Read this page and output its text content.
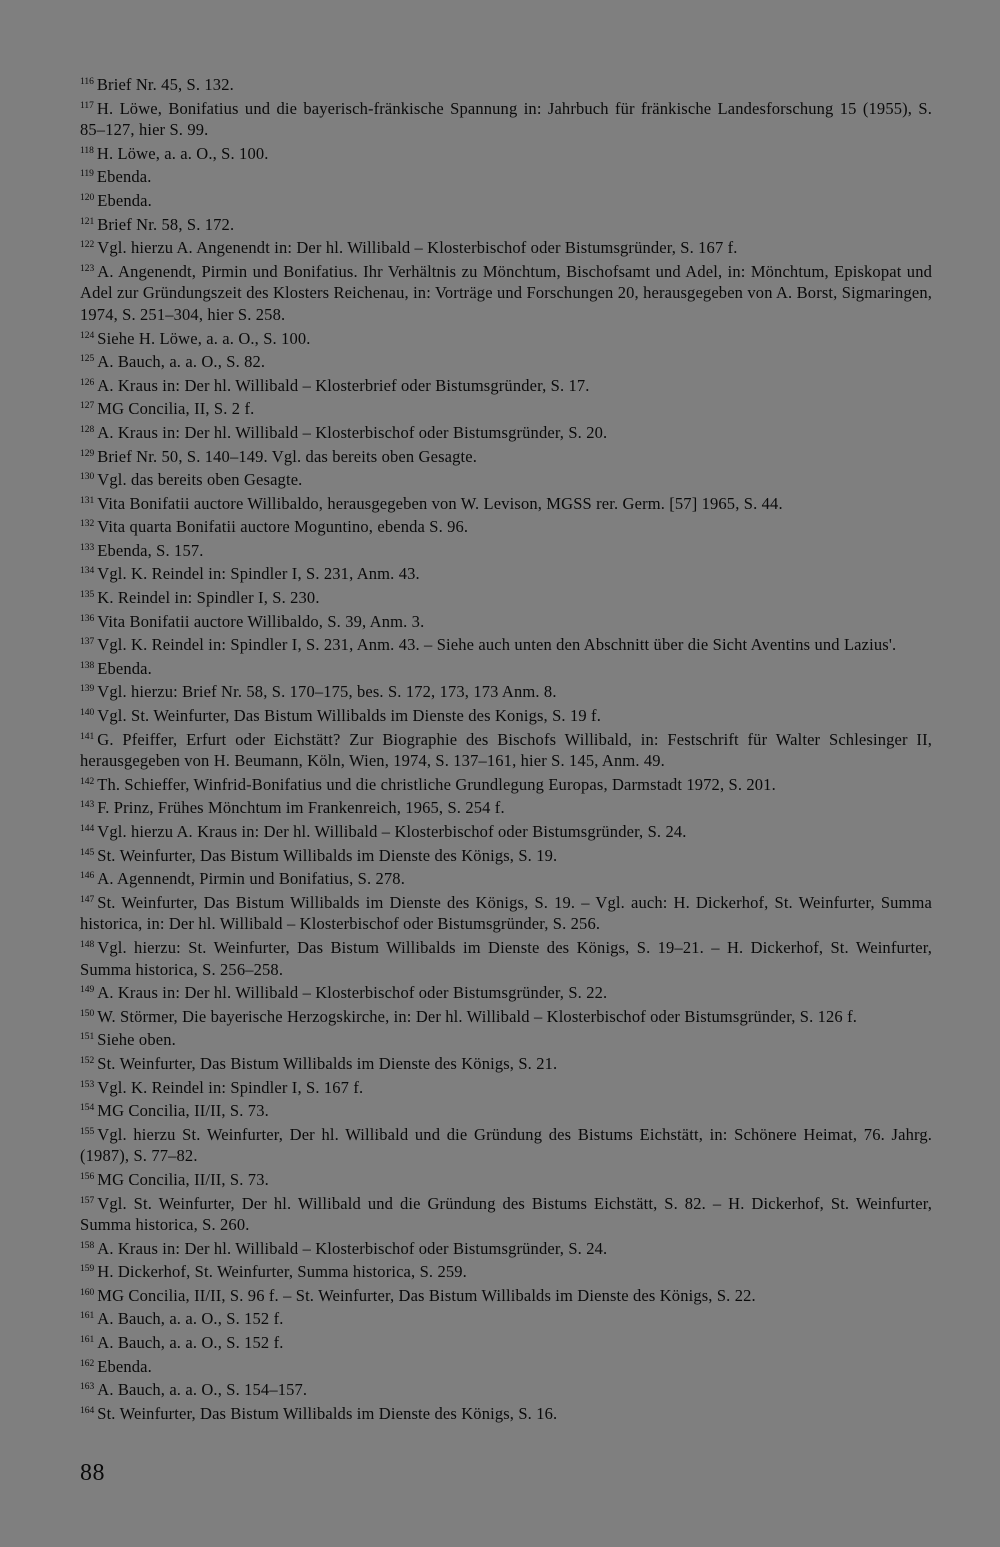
$^{116}$ Brief Nr. 45, S. 132.
$^{117}$ H. Löwe, Bonifatius und die bayerisch-fränkische Spannung in: Jahrbuch für fränkische Landesforschung 15 (1955), S. 85–127, hier S. 99.
$^{118}$ H. Löwe, a. a. O., S. 100.
$^{119}$ Ebenda.
$^{120}$ Ebenda.
$^{121}$ Brief Nr. 58, S. 172.
$^{122}$ Vgl. hierzu A. Angenendt in: Der hl. Willibald – Klosterbischof oder Bistumsgründer, S. 167 f.
$^{123}$ A. Angenendt, Pirmin und Bonifatius. Ihr Verhältnis zu Mönchtum, Bischofsamt und Adel, in: Mönchtum, Episkopat und Adel zur Gründungszeit des Klosters Reichenau, in: Vorträge und Forschungen 20, herausgegeben von A. Borst, Sigmaringen, 1974, S. 251–304, hier S. 258.
$^{124}$ Siehe H. Löwe, a. a. O., S. 100.
$^{125}$ A. Bauch, a. a. O., S. 82.
$^{126}$ A. Kraus in: Der hl. Willibald – Klosterbrief oder Bistumsgründer, S. 17.
$^{127}$ MG Concilia, II, S. 2 f.
$^{128}$ A. Kraus in: Der hl. Willibald – Klosterbischof oder Bistumsgründer, S. 20.
$^{129}$ Brief Nr. 50, S. 140–149. Vgl. das bereits oben Gesagte.
$^{130}$ Vgl. das bereits oben Gesagte.
$^{131}$ Vita Bonifatii auctore Willibaldo, herausgegeben von W. Levison, MGSS rer. Germ. [57] 1965, S. 44.
$^{132}$ Vita quarta Bonifatii auctore Moguntino, ebenda S. 96.
$^{133}$ Ebenda, S. 157.
$^{134}$ Vgl. K. Reindel in: Spindler I, S. 231, Anm. 43.
$^{135}$ K. Reindel in: Spindler I, S. 230.
$^{136}$ Vita Bonifatii auctore Willibaldo, S. 39, Anm. 3.
$^{137}$ Vgl. K. Reindel in: Spindler I, S. 231, Anm. 43. – Siehe auch unten den Abschnitt über die Sicht Aventins und Lazius'.
$^{138}$ Ebenda.
$^{139}$ Vgl. hierzu: Brief Nr. 58, S. 170–175, bes. S. 172, 173, 173 Anm. 8.
$^{140}$ Vgl. St. Weinfurter, Das Bistum Willibalds im Dienste des Konigs, S. 19 f.
$^{141}$ G. Pfeiffer, Erfurt oder Eichstätt? Zur Biographie des Bischofs Willibald, in: Festschrift für Walter Schlesinger II, herausgegeben von H. Beumann, Köln, Wien, 1974, S. 137–161, hier S. 145, Anm. 49.
$^{142}$ Th. Schieffer, Winfrid-Bonifatius und die christliche Grundlegung Europas, Darmstadt 1972, S. 201.
$^{143}$ F. Prinz, Frühes Mönchtum im Frankenreich, 1965, S. 254 f.
$^{144}$ Vgl. hierzu A. Kraus in: Der hl. Willibald – Klosterbischof oder Bistumsgründer, S. 24.
$^{145}$ St. Weinfurter, Das Bistum Willibalds im Dienste des Königs, S. 19.
$^{146}$ A. Agennendt, Pirmin und Bonifatius, S. 278.
$^{147}$ St. Weinfurter, Das Bistum Willibalds im Dienste des Königs, S. 19. – Vgl. auch: H. Dickerhof, St. Weinfurter, Summa historica, in: Der hl. Willibald – Klosterbischof oder Bistumsgründer, S. 256.
$^{148}$ Vgl. hierzu: St. Weinfurter, Das Bistum Willibalds im Dienste des Königs, S. 19–21. – H. Dickerhof, St. Weinfurter, Summa historica, S. 256–258.
$^{149}$ A. Kraus in: Der hl. Willibald – Klosterbischof oder Bistumsgründer, S. 22.
$^{150}$ W. Störmer, Die bayerische Herzogskirche, in: Der hl. Willibald – Klosterbischof oder Bistumsgründer, S. 126 f.
$^{151}$ Siehe oben.
$^{152}$ St. Weinfurter, Das Bistum Willibalds im Dienste des Königs, S. 21.
$^{153}$ Vgl. K. Reindel in: Spindler I, S. 167 f.
$^{154}$ MG Concilia, II/II, S. 73.
$^{155}$ Vgl. hierzu St. Weinfurter, Der hl. Willibald und die Gründung des Bistums Eichstätt, in: Schönere Heimat, 76. Jahrg. (1987), S. 77–82.
$^{156}$ MG Concilia, II/II, S. 73.
$^{157}$ Vgl. St. Weinfurter, Der hl. Willibald und die Gründung des Bistums Eichstätt, S. 82. – H. Dickerhof, St. Weinfurter, Summa historica, S. 260.
$^{158}$ A. Kraus in: Der hl. Willibald – Klosterbischof oder Bistumsgründer, S. 24.
$^{159}$ H. Dickerhof, St. Weinfurter, Summa historica, S. 259.
$^{160}$ MG Concilia, II/II, S. 96 f. – St. Weinfurter, Das Bistum Willibalds im Dienste des Königs, S. 22.
$^{161}$ A. Bauch, a. a. O., S. 152 f.
$^{161}$ A. Bauch, a. a. O., S. 152 f.
$^{162}$ Ebenda.
$^{163}$ A. Bauch, a. a. O., S. 154–157.
$^{164}$ St. Weinfurter, Das Bistum Willibalds im Dienste des Königs, S. 16.
88
